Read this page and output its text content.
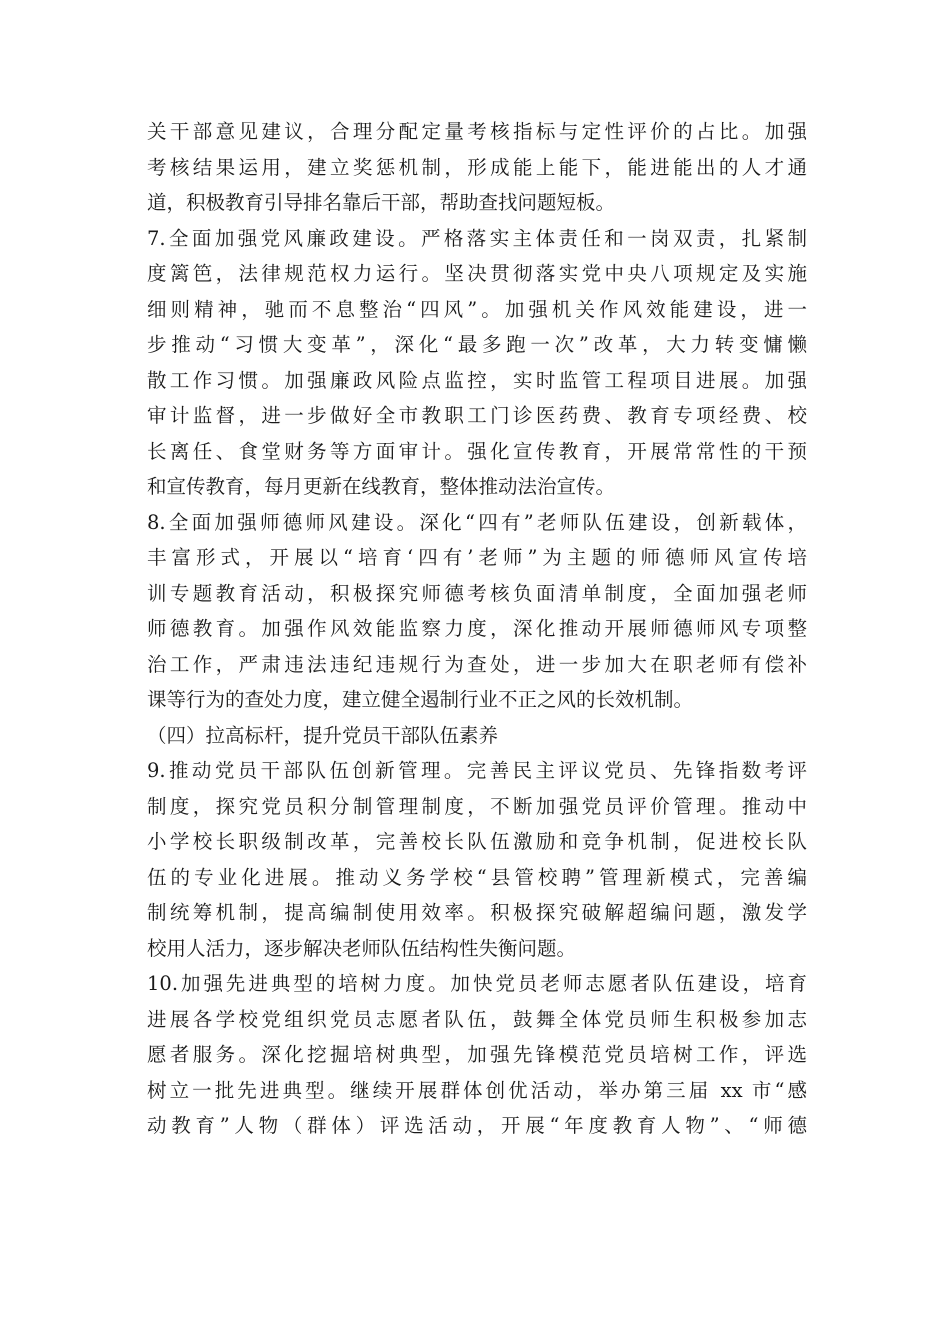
关干部意见建议，合理分配定量考核指标与定性评价的占比。加强
考核结果运用，建立奖惩机制，形成能上能下，能进能出的人才通
道，积极教育引导排名靠后干部，帮助查找问题短板。
7.全面加强党风廉政建设。严格落实主体责任和一岗双责，扎紧制
度篱笆，法律规范权力运行。坚决贯彻落实党中央八项规定及实施
细则精神，驰而不息整治“四风”。加强机关作风效能建设，进一
步推动“习惯大变革”，深化“最多跑一次”改革，大力转变慵懒
散工作习惯。加强廉政风险点监控，实时监管工程项目进展。加强
审计监督，进一步做好全市教职工门诊医药费、教育专项经费、校
长离任、食堂财务等方面审计。强化宣传教育，开展常常性的干预
和宣传教育，每月更新在线教育，整体推动法治宣传。
8.全面加强师德师风建设。深化“四有”老师队伍建设，创新载体，
丰富形式，开展以“培育‘四有’老师”为主题的师德师风宣传培
训专题教育活动，积极探究师德考核负面清单制度，全面加强老师
师德教育。加强作风效能监察力度，深化推动开展师德师风专项整
治工作，严肃违法违纪违规行为查处，进一步加大在职老师有偿补
课等行为的查处力度，建立健全遏制行业不正之风的长效机制。
（四）拉高标杆，提升党员干部队伍素养
9.推动党员干部队伍创新管理。完善民主评议党员、先锋指数考评
制度，探究党员积分制管理制度，不断加强党员评价管理。推动中
小学校长职级制改革，完善校长队伍激励和竞争机制，促进校长队
伍的专业化进展。推动义务学校“县管校聘”管理新模式，完善编
制统筹机制，提高编制使用效率。积极探究破解超编问题，激发学
校用人活力，逐步解决老师队伍结构性失衡问题。
10.加强先进典型的培树力度。加快党员老师志愿者队伍建设，培育
进展各学校党组织党员志愿者队伍，鼓舞全体党员师生积极参加志
愿者服务。深化挖掘培树典型，加强先锋模范党员培树工作，评选
树立一批先进典型。继续开展群体创优活动，举办第三届 xx 市“感
动教育”人物（群体）评选活动，开展“年度教育人物”、“师德
